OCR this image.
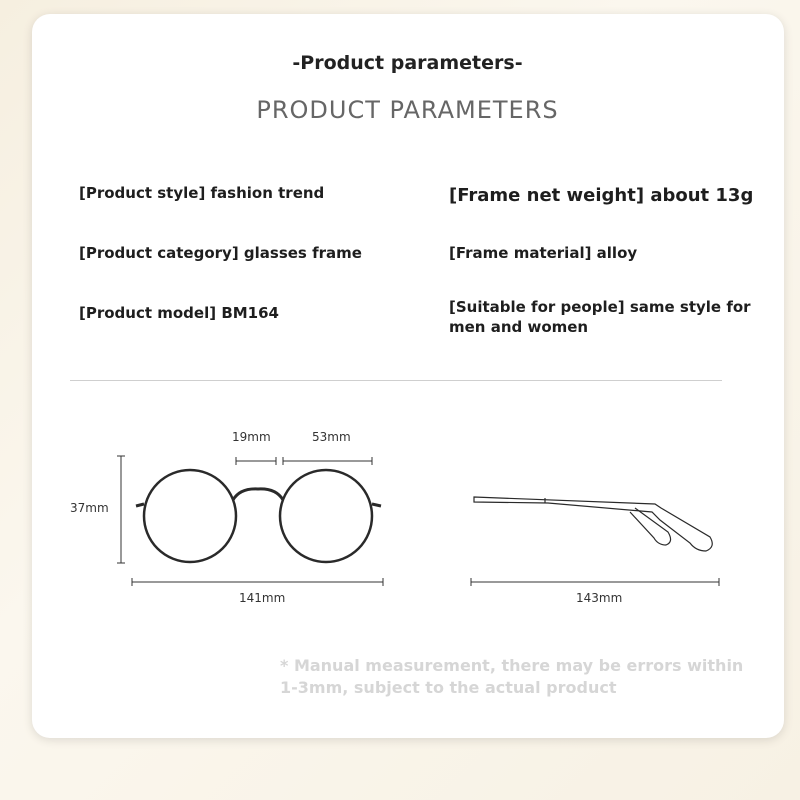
-Product parameters-
PRODUCT PARAMETERS
[Product style] fashion trend	[Frame net weight] about 13g
[Product category] glasses frame	[Frame material] alloy
[Product model] BM164	[Suitable for people] same style for
men and women
19mm	53mm
37mm
141mm	143mm
* Manual measurement, there may be errors within
1-3mm, subject to the actual product
